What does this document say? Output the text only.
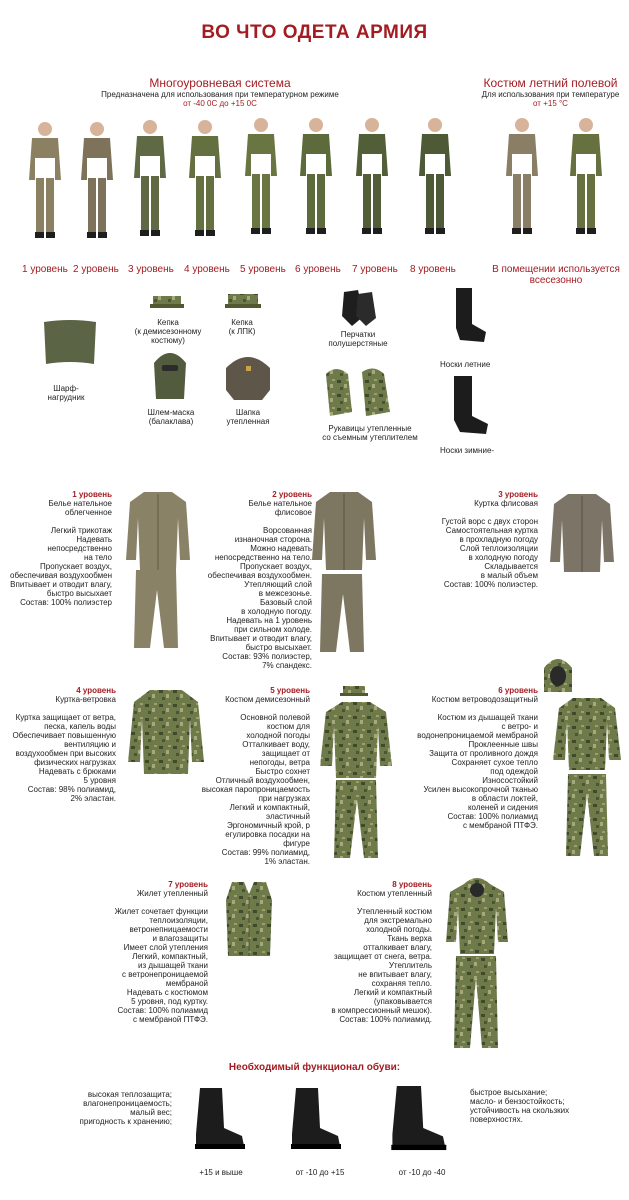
ВО ЧТО ОДЕТА АРМИЯ
Многоуровневая система
Предназначена для использования при температурном режиме
от -40 0С до +15 0С
Костюм летний полевой
Для использования при температуре
от +15 °С
1 уровень 2 уровень 3 уровень 4 уровень 5 уровень 6 уровень 7 уровень 8 уровень	В помещении используется
всесезонно
Шарф-
нагрудник
Кепка
(к демисезонному
костюму)
Кепка
(к ЛПК)	Перчатки
полушерстяные
Носки летние
Шлем-маска
(балаклава)
Шапка
утепленная
Рукавицы утепленные
со съемным утеплителем
Носки зимние-
1 уровень
Белье нательное
облегченное
Легкий трикотаж
Надевать
непосредственно
на тело
Пропускает воздух,
обеспечивая воздухообмен
Впитывает и отводит влагу,
быстро высыхает
Состав: 100% полиэстер
2 уровень
Белье нательное
флисовое
Ворсованная
изнаночная сторона.
Можно надевать
непосредственно на тело.
Пропускает воздух,
обеспечивая воздухообмен.
Утепляющий слой
в межсезонье.
Базовый слой
в холодную погоду.
Надевать на 1 уровень
при сильном холоде.
Впитывает и отводит влагу,
быстро высыхает.
Состав: 93% полиэстер,
7% спандекс.
3 уровень
Куртка флисовая
Густой ворс с двух сторон
Самостоятельная куртка
в прохладную погоду
Слой теплоизоляции
в холодную погоду
Складывается
в малый объем
Состав: 100% полиэстер.
4 уровень
Куртка-ветровка
Куртка защищает от ветра,
песка, капель воды
Обеспечивает повышенную
вентиляцию и
воздухообмен при высоких
физических нагрузках
Надевать с брюками
5 уровня
Состав: 98% полиамид,
2% эластан.
5 уровень
Костюм демисезонный
Основной полевой
костюм для
холодной погоды
Отталкивает воду,
защищает от
непогоды, ветра
Быстро сохнет
Отличный воздухообмен,
высокая паропроницаемость
при нагрузках
Легкий и компактный, эластичный
Эргономичный крой, р
егулировка посадки на фигуре
Состав: 99% полиамид,
1% эластан.
6 уровень
Костюм ветроводозащитный
Костюм из дышащей ткани
с ветро- и
водонепроницаемой мембраной
Проклеенные швы
Защита от проливного дождя
Сохраняет сухое тепло
под одеждой
Износостойкий
Усилен высокопрочной тканью
в области локтей,
коленей и сидения
Состав: 100% полиамид
с мембраной ПТФЭ.
7 уровень
Жилет утепленный
Жилет сочетает функции
теплоизоляции,
ветронепницаемости
и влагозащиты
Имеет слой утепления
Легкий, компактный,
из дышащей ткани
с ветронепроницаемой
мембраной
Надевать с костюмом
5 уровня, под куртку.
Состав: 100% полиамид
с мембраной ПТФЭ.
8 уровень
Костюм утепленный
Утепленный костюм
для экстремально
холодной погоды.
Ткань верха
отталкивает влагу,
защищает от снега, ветра.
Утеплитель
не впитывает влагу,
сохраняя тепло.
Легкий и компактный
(упаковывается
в компрессионный мешок).
Состав: 100% полиамид.
Необходимый функционал обуви:
высокая теплозащита;
влагонепроницаемость;
малый вес;
пригодность к хранению;
быстрое высыхание;
масло- и бензостойкость;
устойчивость на скользких
поверхностях.
+15 и выше	от -10 до +15	от -10 до -40
